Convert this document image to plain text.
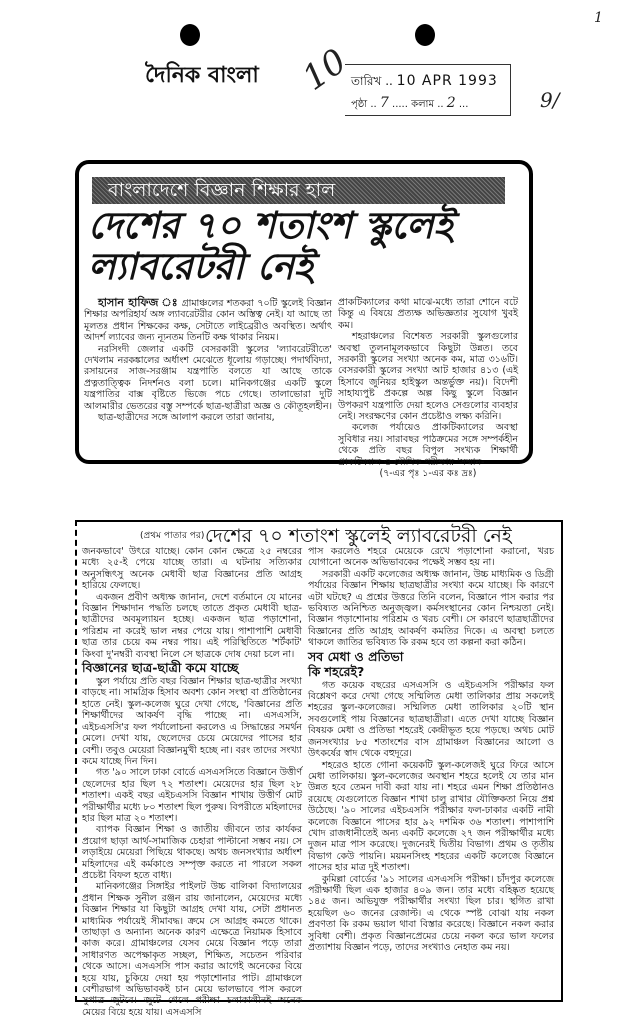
দৈনিক বাংলা 10
9/
1
তারিখ .. 10 APR 1993
পৃষ্ঠা .. 7 ..... কলাম .. 2 ...
বাংলাদেশে বিজ্ঞান শিক্ষার হাল
দেশের ৭০ শতাংশ স্কুলেই
ল্যাবরেটরী নেই

হাসান হাফিজ ঃ গ্রামাঞ্চলের শতকরা ৭০টি স্কুলেই বিজ্ঞান শিক্ষার অপরিহার্য অঙ্গ ল্যাবরেটরীর কোন অস্তিত্ব নেই। যা আছে তা মূলতঃ প্রধান শিক্ষকের কক্ষ, সেটাতে লাইব্রেরীও অবস্থিত। অর্থাৎ আদর্শ ল্যাবের জন্য ন্যূনতম তিনটি কক্ষ থাকার নিয়ম।

নরসিংদী জেলার একটি বেসরকারী স্কুলের 'ল্যাবরেটরীতে' দেখলাম নরকঙ্কালের অর্ধাংশ মেঝেতে ধূলোয় গড়াচ্ছে। পদার্থবিদ্যা, রসায়নের সাজ-সরঞ্জাম যন্ত্রপাতি বলতে যা আছে তাকে প্রত্নতাত্ত্বিক নিদর্শনও বলা চলে। মানিকগঞ্জের একটি স্কুলে যন্ত্রপাতির বাক্স বৃষ্টিতে ভিজে পচে গেছে। তালাভোরা দুটি আলমারীর ভেতরের বস্তু সম্পর্কে ছাত্র-ছাত্রীরা অজ্ঞ ও কৌতূহলহীন।

ছাত্র-ছাত্রীদের সঙ্গে আলাপ করলে তারা জানায়,

প্রাকটিক্যালের কথা মাঝে-মধ্যে তারা শোনে বটে কিন্তু এ বিষয়ে প্রত্যক্ষ অভিজ্ঞতার সুযোগ খুবই কম।

শহরাঞ্চলের বিশেষত সরকারী স্কুলগুলোর অবস্থা তুলনামূলকভাবে কিছুটা উন্নত। তবে সরকারী স্কুলের সংখ্যা অনেক কম, মাত্র ৩১৬টি। বেসরকারী স্কুলের সংখ্যা আট হাজার ৪১৩ (এই হিসাবে জুনিয়র হাইস্কুল অন্তর্ভুক্ত নয়)। বিদেশী সাহায্যপুষ্ট প্রকল্পে অল্প কিছু স্কুলে বিজ্ঞান উপকরণ যন্ত্রপাতি দেয়া হলেও সেগুলোর ব্যবহার নেই। সংরক্ষণের কোন প্রচেষ্টাও লক্ষ্য করিনি।

কলেজ পর্যায়েও প্রাকটিক্যালের অবস্থা সুবিধার নয়। সারাবছর পাঠক্রমের সঙ্গে সম্পর্কহীন থেকে প্রতি বছর বিপুল সংখ্যক শিক্ষার্থী প্রাকটিক্যাল ও মৌখিক পরীক্ষায় 'সম্মান-

(৭-এর পৃঃ ১-এর কঃ দ্রঃ)

(প্রথম পাতার পর) দেশের ৭০ শতাংশ স্কুলেই ল্যাবরেটরী নেই

জনকভাবে' উৎরে যাচ্ছে। কোন কোন ক্ষেত্রে ২৫ নম্বরের মধ্যে ২৫-ই পেয়ে যাচ্ছে তারা। এ ঘটনায় সত্যিকার অনুসন্ধিৎসু অনেক মেধাবী ছাত্র বিজ্ঞানের প্রতি আগ্রহ হারিয়ে ফেলছে।

একজন প্রবীণ অধ্যক্ষ জানান, দেশে বর্তমানে যে মানের বিজ্ঞান শিক্ষাদান পদ্ধতি চলছে তাতে প্রকৃত মেধাবী ছাত্র-ছাত্রীদের অবমূল্যায়ন হচ্ছে। একজন ছাত্র পড়াশোনা, পরিশ্রম না করেই ভাল নম্বর পেয়ে যায়। পাশাপাশি মেধাবী ছাত্র তার চেয়ে কম নম্বর পায়। এই পরিস্থিতিতে 'শর্টকাট' কিংবা দু'নম্বরী ব্যবস্থা নিলে সে ছাত্রকে দোষ দেয়া চলে না।

বিজ্ঞানের ছাত্র-ছাত্রী কমে যাচ্ছে

স্কুল পর্যায়ে প্রতি বছর বিজ্ঞান শিক্ষার ছাত্র-ছাত্রীর সংখ্যা বাড়ছে না। সামগ্রিক হিসাব অবশ্য কোন সংস্থা বা প্রতিষ্ঠানের হাতে নেই। স্কুল-কলেজ ঘুরে দেখা গেছে, 'বিজ্ঞানের প্রতি শিক্ষার্থীদের আকর্ষণ বৃদ্ধি পাচ্ছে না। এসএসসি, এইচএসসি'র ফল পর্যালোচনা করলেও এ সিদ্ধান্তের সমর্থন মেলে। দেখা যায়, ছেলেদের চেয়ে মেয়েদের পাসের হার বেশী। তবুও মেয়েরা বিজ্ঞানমুখী হচ্ছে না। বরং তাদের সংখ্যা কমে যাচ্ছে দিন দিন।

গত '৯০ সালে ঢাকা বোর্ডে এসএসসিতে বিজ্ঞানে উত্তীর্ণ ছেলেদের হার ছিল ৭২ শতাংশ। মেয়েদের হার ছিল ২৮ শতাংশ। একই বছর এইচএসসি বিজ্ঞান শাখায় উত্তীর্ণ মোট পরীক্ষার্থীর মধ্যে ৮০ শতাংশ ছিল পুরুষ। বিপরীতে মহিলাদের হার ছিল মাত্র ২০ শতাংশ।

ব্যাপক বিজ্ঞান শিক্ষা ও জাতীয় জীবনে তার কার্যকর প্রয়োগ ছাড়া আর্থ-সামাজিক চেহারা পাল্টানো সম্ভব নয়। সে লড়াইয়ে মেয়েরা পিছিয়ে থাকছে। অথচ জনসংখ্যার অর্ধাংশ মহিলাদের এই কর্মকাণ্ডে সম্পৃক্ত করতে না পারলে সকল প্রচেষ্টা বিফল হতে বাধ্য।

মানিকগঞ্জের সিঙ্গাইর পাইলট উচ্চ বালিকা বিদ্যালয়ের প্রধান শিক্ষক সুনীল রঞ্জন রায় জানালেন, মেয়েদের মধ্যে বিজ্ঞান শিক্ষার যা কিছুটা আগ্রহ দেখা যায়, সেটা প্রধানত মাধ্যমিক পর্যায়েই সীমাবদ্ধ। ক্রমে সে আগ্রহ কমতে থাকে। তাছাড়া ও অন্যান্য অনেক কারণ এক্ষেত্রে নিয়ামক হিসাবে কাজ করে। গ্রামাঞ্চলের যেসব মেয়ে বিজ্ঞান পড়ে তারা সাধারণত অপেক্ষাকৃত সচ্ছল, শিক্ষিত, সচেতন পরিবার থেকে আসে। এসএসসি পাস করার আগেই অনেকের বিয়ে হয়ে যায়, চুকিয়ে দেয়া হয় পড়াশোনার পাট। গ্রামাঞ্চলে বেশীরভাগ অভিভাবকই চান মেয়ে ভালভাবে পাস করলে সুপাত্র জুটবে। জুটে গেলে পরীক্ষা চলাকালীনই অনেক মেয়ের বিয়ে হয়ে যায়। এসএসসি

পাস করলেও শহরে মেয়েকে রেখে পড়াশোনা করানো, খরচ যোগানো অনেক অভিভাবকের পক্ষেই সম্ভব হয় না।

সরকারী একটি কলেজের অধ্যক্ষ জানান, উচ্চ মাধ্যমিক ও ডিগ্রী পর্যায়ের বিজ্ঞান শিক্ষায় ছাত্রছাত্রীর সংখ্যা কমে যাচ্ছে। কি কারণে এটা ঘটছে? এ প্রশ্নের উত্তরে তিনি বলেন, বিজ্ঞানে পাস করার পর ভবিষ্যত অনিশ্চিত অনুজ্জ্বল। কর্মসংস্থানের কোন নিশ্চয়তা নেই। বিজ্ঞান পড়াশোনায় পরিশ্রম ও খরচ বেশী। সে কারণে ছাত্রছাত্রীদের বিজ্ঞানের প্রতি আগ্রহ আকর্ষণ কমতির দিকে। এ অবস্থা চলতে থাকলে জাতির ভবিষ্যত কি রকম হবে তা কল্পনা করা কঠিন।

সব মেধা ও প্রতিভা

কি শহরেই?

গত কয়েক বছরের এসএসসি ও এইচএসসি পরীক্ষার ফল বিশ্লেষণ করে দেখা গেছে সম্মিলিত মেধা তালিকার প্রায় সকলেই শহরের স্কুল-কলেজের। সম্মিলিত মেধা তালিকার ২০টি স্থান সবগুলোই পায় বিজ্ঞানের ছাত্রছাত্রীরা। এতে দেখা যাচ্ছে বিজ্ঞান বিষয়ক মেধা ও প্রতিভা শহরেই কেন্দ্রীভূত হয়ে পড়ছে। অথচ মোট জনসংখ্যার ৮৫ শতাংশের বাস গ্রামাঞ্চল বিজ্ঞানের আলো ও উৎকর্ষের স্বাদ থেকে বহুদূরে।

শহরেও হাতে গোনা কয়েকটি স্কুল-কলেজই ঘুরে ফিরে আসে মেধা তালিকায়। স্কুল-কলেজের অবস্থান শহরে হলেই যে তার মান উন্নত হবে তেমন দাবী করা যায় না। শহরে এমন শিক্ষা প্রতিষ্ঠানও রয়েছে যেগুলোতে বিজ্ঞান শাখা চালু রাখার যৌক্তিকতা নিয়ে প্রশ্ন উঠেছে। '৯০ সালের এইচএসসি পরীক্ষার ফল-ঢাকার একটি নামী কলেজে বিজ্ঞানে পাসের হার ৯২ দশমিক ৩৬ শতাংশ। পাশাপাশি খোদ রাজধানীতেই অন্য একটি কলেজে ২৭ জন পরীক্ষার্থীর মধ্যে দুজন মাত্র পাস করেছে। দুজনেরই দ্বিতীয় বিভাগ। প্রথম ও তৃতীয় বিভাগ কেউ পায়নি। ময়মনসিংহ শহরের একটি কলেজে বিজ্ঞানে পাসের হার মাত্র দুই শতাংশ।

কুমিল্লা বোর্ডের '৯১ সালের এসএসসি পরীক্ষা। চাঁদপুর কলেজে পরীক্ষার্থী ছিল এক হাজার ৪০৯ জন। তার মধ্যে বহিষ্কৃত হয়েছে ১৪৫ জন। অভিযুক্ত পরীক্ষার্থীর সংখ্যা ছিল চার। স্থগিত রাখা হয়েছিল ৬০ জনের রেজাল্ট। এ থেকে স্পষ্ট বোঝা যায় নকল প্রবণতা কি রকম ভয়াল থাবা বিস্তার করেছে। বিজ্ঞানে নকল করার সুবিধা বেশী। প্রকৃত বিজ্ঞানপ্রেমের চেয়ে নকল করে ভাল ফলের প্রত্যাশায় বিজ্ঞান পড়ে, তাদের সংখ্যাও নেহাত কম নয়।
